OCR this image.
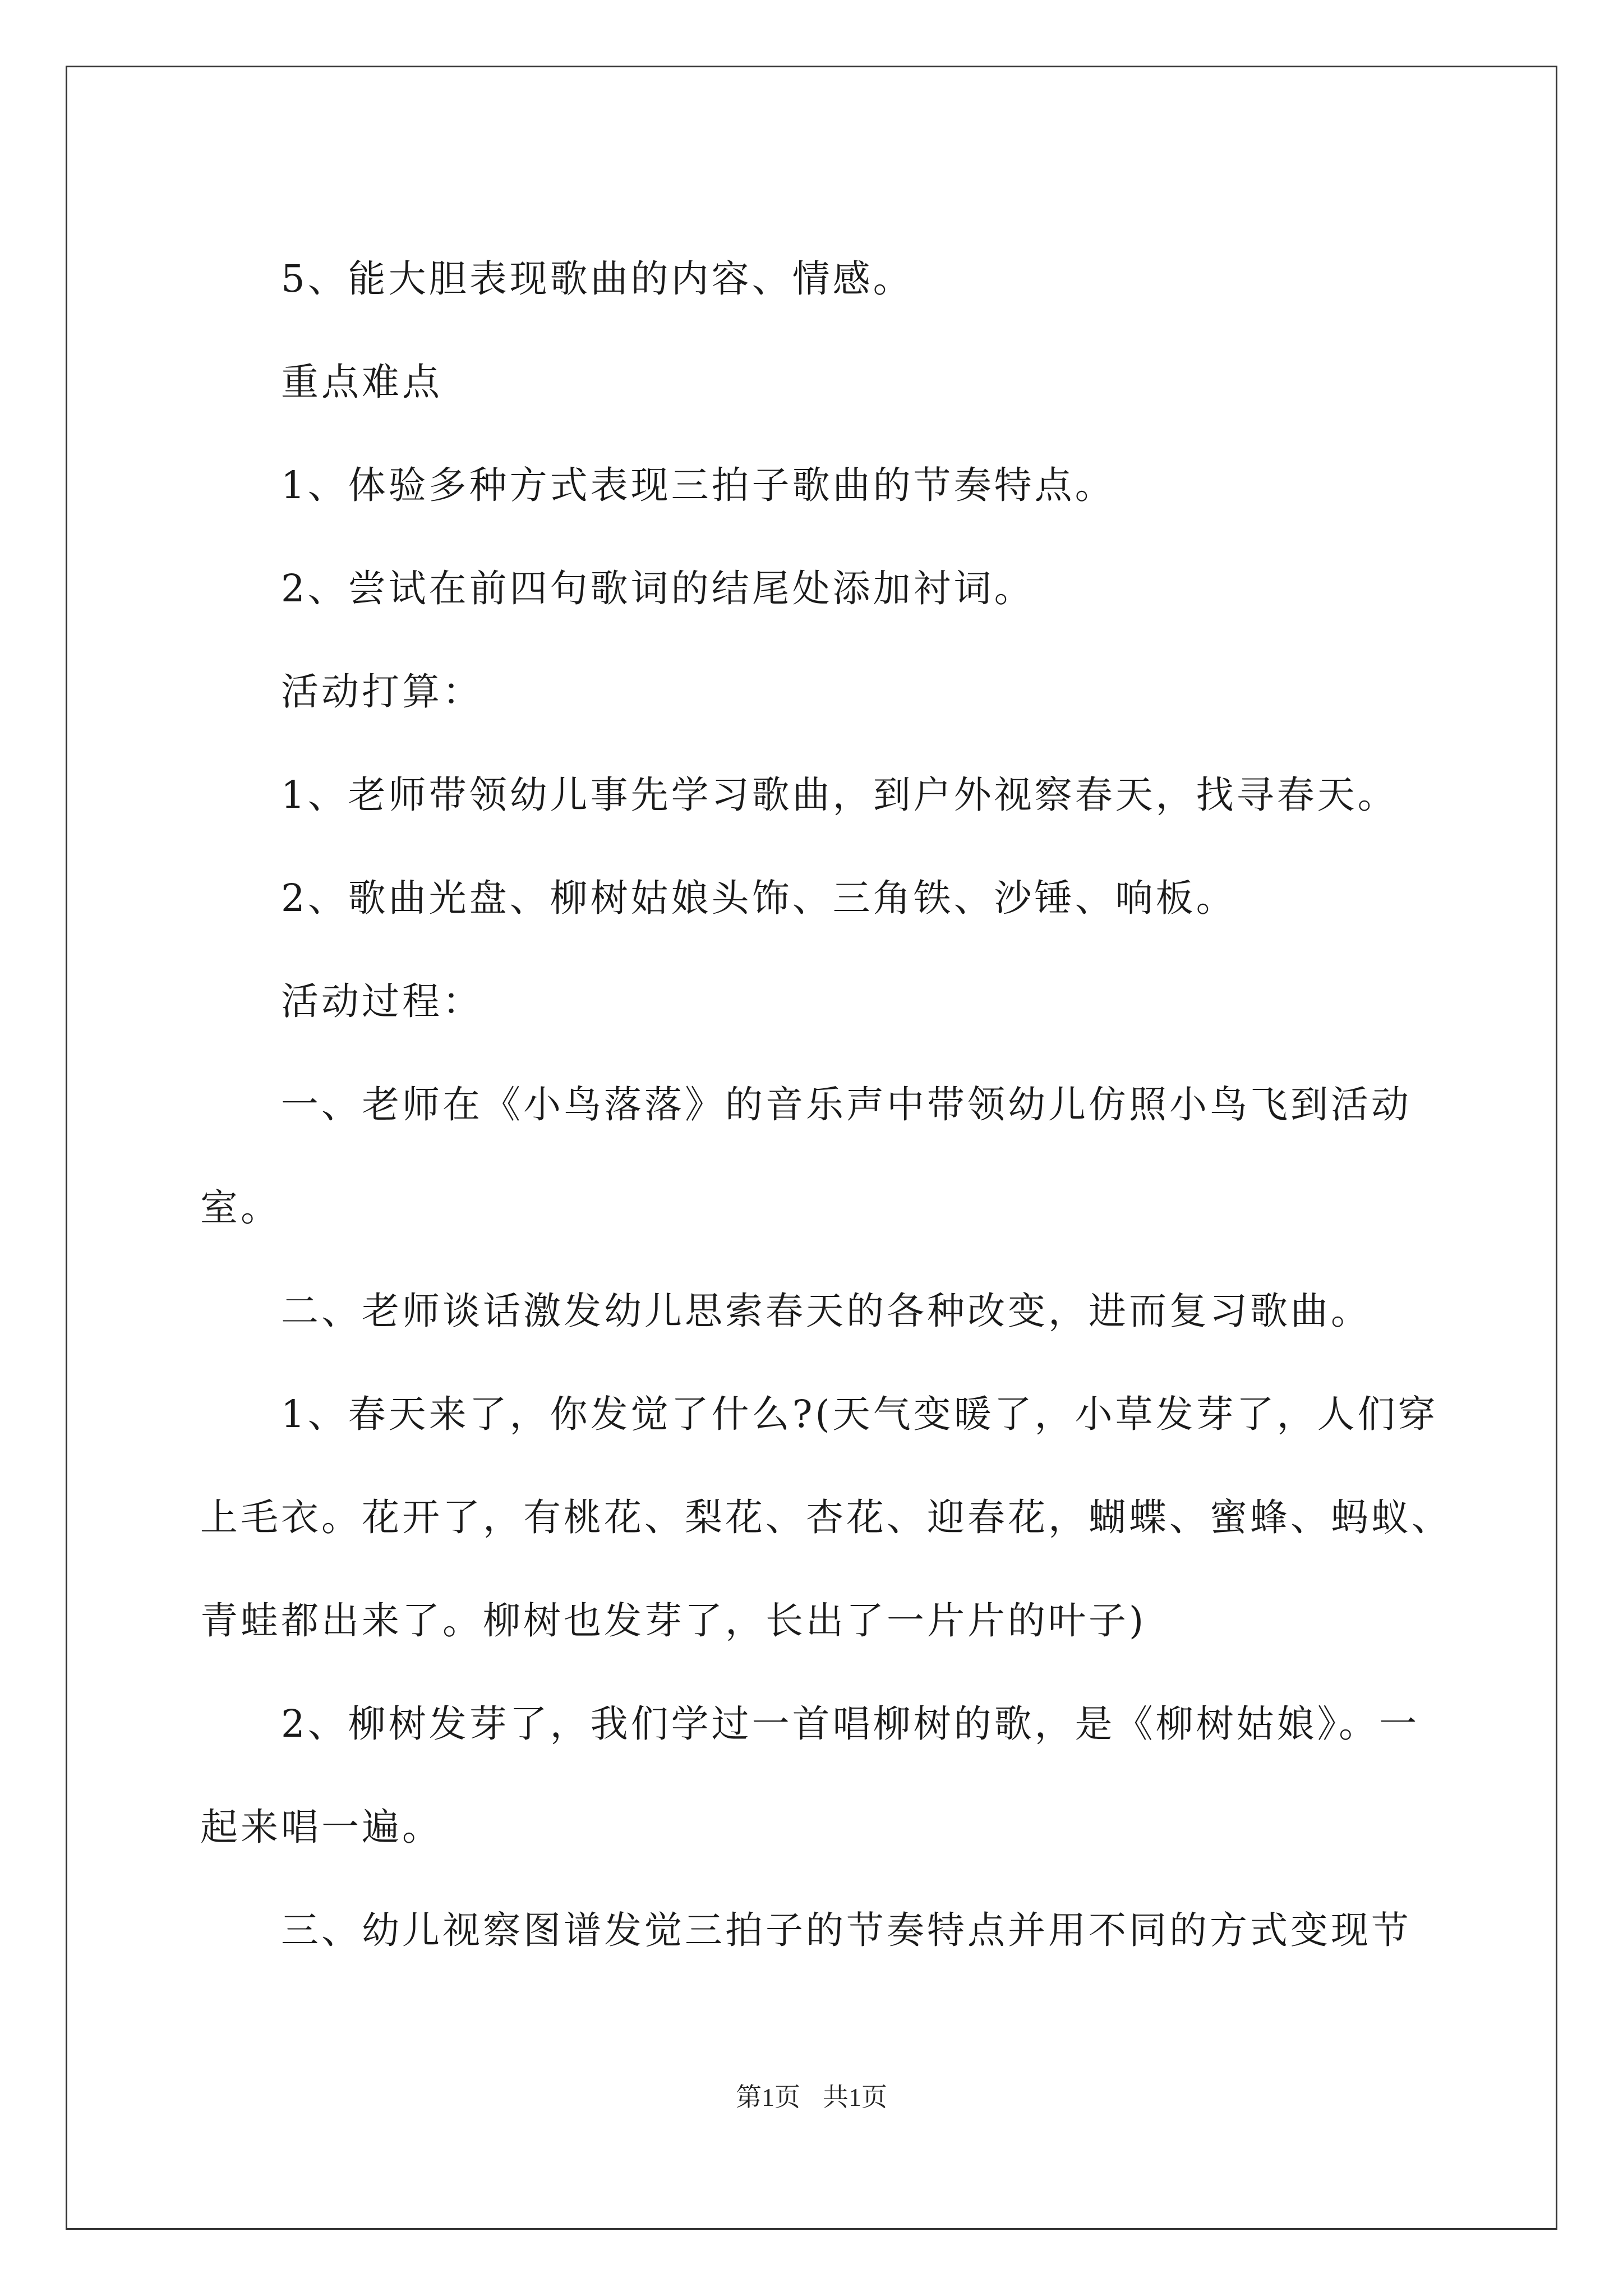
5、能大胆表现歌曲的内容、情感。

重点难点

1、体验多种方式表现三拍子歌曲的节奏特点。

2、尝试在前四句歌词的结尾处添加衬词。

活动打算：

1、老师带领幼儿事先学习歌曲，到户外视察春天，找寻春天。

2、歌曲光盘、柳树姑娘头饰、三角铁、沙锤、响板。

活动过程：

一、老师在《小鸟落落》的音乐声中带领幼儿仿照小鸟飞到活动室。

二、老师谈话激发幼儿思索春天的各种改变，进而复习歌曲。

1、春天来了，你发觉了什么?(天气变暖了，小草发芽了，人们穿上毛衣。花开了，有桃花、梨花、杏花、迎春花，蝴蝶、蜜蜂、蚂蚁、青蛙都出来了。柳树也发芽了，长出了一片片的叶子)

2、柳树发芽了，我们学过一首唱柳树的歌，是《柳树姑娘》。一起来唱一遍。

三、幼儿视察图谱发觉三拍子的节奏特点并用不同的方式变现节

第1页 共1页
